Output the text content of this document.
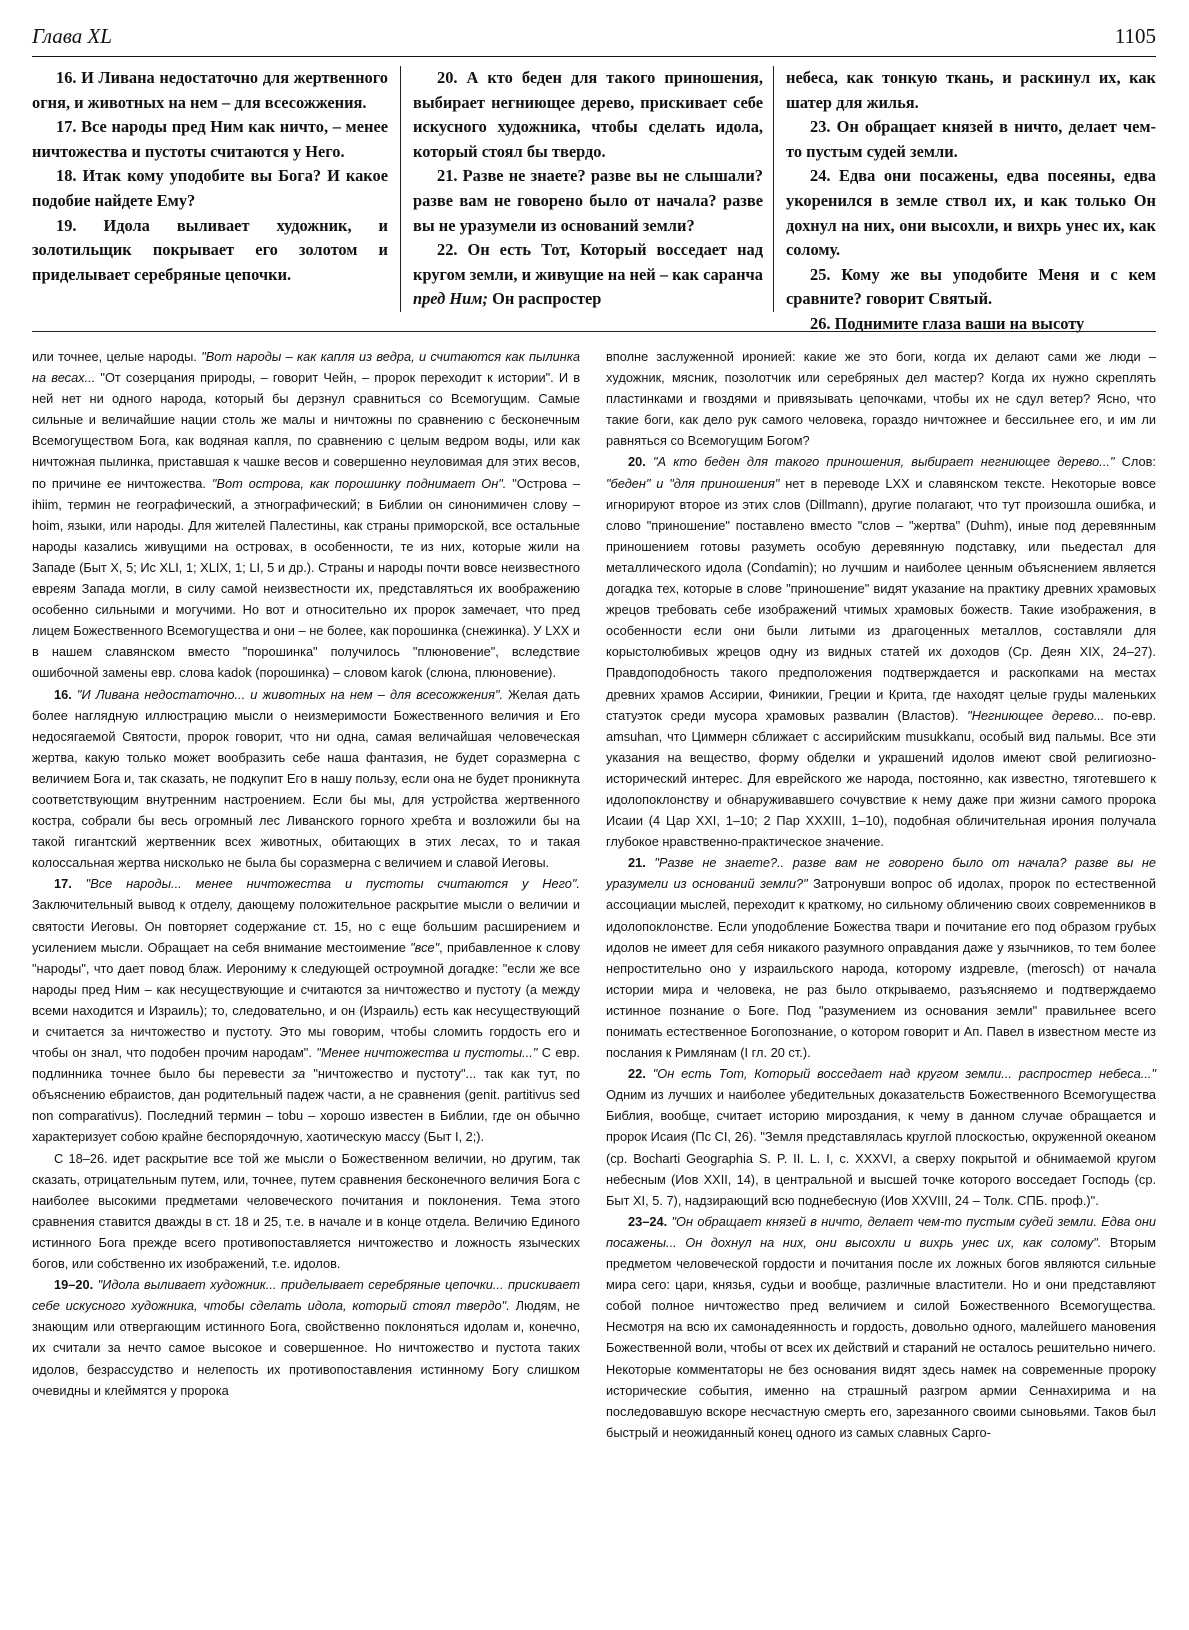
Глава XL	1105

16. И Ливана недостаточно для жертвенного огня, и животных на нем – для всесожжения.

17. Все народы пред Ним как ничто, – менее ничтожества и пустоты считаются у Него.

18. Итак кому уподобите вы Бога? И какое подобие найдете Ему?

19. Идола выливает художник, и золотильщик покрывает его золотом и приделывает серебряные цепочки.

20. А кто беден для такого приношения, выбирает негниющее дерево, прискивает себе искусного художника, чтобы сделать идола, который стоял бы твердо.

21. Разве не знаете? разве вы не слышали? разве вам не говорено было от начала? разве вы не уразумели из оснований земли?

22. Он есть Тот, Который восседает над кругом земли, и живущие на ней – как саранча пред Ним; Он распростер

небеса, как тонкую ткань, и раскинул их, как шатер для жилья.

23. Он обращает князей в ничто, делает чем-то пустым судей земли.

24. Едва они посажены, едва посеяны, едва укоренился в земле ствол их, и как только Он дохнул на них, они высохли, и вихрь унес их, как солому.

25. Кому же вы уподобите Меня и с кем сравните? говорит Святый.

26. Поднимите глаза ваши на высоту

или точнее, целые народы. "Вот народы – как капля из ведра, и считаются как пылинка на весах... "От созерцания природы, – говорит Чейн, – пророк переходит к истории". И в ней нет ни одного народа, который бы дерзнул сравниться со Всемогущим. Самые сильные и величайшие нации столь же малы и ничтожны по сравнению с бесконечным Всемогуществом Бога, как водяная капля, по сравнению с целым ведром воды, или как ничтожная пылинка, приставшая к чашке весов и совершенно неуловимая для этих весов, по причине ее ничтожества. "Вот острова, как порошинку поднимает Он". "Острова – ihiim, термин не географический, а этнографический; в Библии он синонимичен слову – hoim, языки, или народы. Для жителей Палестины, как страны приморской, все остальные народы казались живущими на островах, в особенности, те из них, которые жили на Западе (Быт X, 5; Ис XLI, 1; XLIX, 1; LI, 5 и др.). Страны и народы почти вовсе неизвестного евреям Запада могли, в силу самой неизвестности их, представляться их воображению особенно сильными и могучими. Но вот и относительно их пророк замечает, что пред лицем Божественного Всемогущества и они – не более, как порошинка (снежинка). У LXX и в нашем славянском вместо "порошинка" получилось "плюновение", вследствие ошибочной замены евр. слова kadok (порошинка) – словом karok (слюна, плюновение).

16. "И Ливана недостаточно... и животных на нем – для всесожжения". Желая дать более наглядную иллюстрацию мысли о неизмеримости Божественного величия и Его недосягаемой Святости, пророк говорит, что ни одна, самая величайшая человеческая жертва, какую только может вообразить себе наша фантазия, не будет соразмерна с величием Бога и, так сказать, не подкупит Его в нашу пользу, если она не будет проникнута соответствующим внутренним настроением. Если бы мы, для устройства жертвенного костра, собрали бы весь огромный лес Ливанского горного хребта и возложили бы на такой гигантский жертвенник всех животных, обитающих в этих лесах, то и такая колоссальная жертва нисколько не была бы соразмерна с величием и славой Иеговы.

17. "Все народы... менее ничтожества и пустоты считаются у Него". Заключительный вывод к отделу, дающему положительное раскрытие мысли о величии и святости Иеговы. Он повторяет содержание ст. 15, но с еще большим расширением и усилением мысли. Обращает на себя внимание местоимение "все", прибавленное к слову "народы", что дает повод блаж. Иерониму к следующей остроумной догадке: "если же все народы пред Ним – как несуществующие и считаются за ничтожество и пустоту (а между всеми находится и Израиль); то, следовательно, и он (Израиль) есть как несуществующий и считается за ничтожество и пустоту. Это мы говорим, чтобы сломить гордость его и чтобы он знал, что подобен прочим народам". "Менее ничтожества и пустоты..." С евр. подлинника точнее было бы перевести за "ничтожество и пустоту"... так как тут, по объяснению ебраистов, дан родительный падеж части, а не сравнения (genit. partitivus sed non comparativus). Последний термин – tobu – хорошо известен в Библии, где он обычно характеризует собою крайне беспорядочную, хаотическую массу (Быт I, 2;).

С 18–26. идет раскрытие все той же мысли о Божественном величии, но другим, так сказать, отрицательным путем, или, точнее, путем сравнения бесконечного величия Бога с наиболее высокими предметами человеческого почитания и поклонения. Тема этого сравнения ставится дважды в ст. 18 и 25, т.е. в начале и в конце отдела. Величию Единого истинного Бога прежде всего противопоставляется ничтожество и ложность языческих богов, или собственно их изображений, т.е. идолов.

19–20. "Идола выливает художник... приделывает серебряные цепочки... прискивает себе искусного художника, чтобы сделать идола, который стоял твердо". Людям, не знающим или отвергающим истинного Бога, свойственно поклоняться идолам и, конечно, их считали за нечто самое высокое и совершенное. Но ничтожество и пустота таких идолов, безрассудство и нелепость их противопоставления истинному Богу слишком очевидны и клеймятся у пророка

вполне заслуженной иронией: какие же это боги, когда их делают сами же люди – художник, мясник, позолотчик или серебряных дел мастер? Когда их нужно скреплять пластинками и гвоздями и привязывать цепочками, чтобы их не сдул ветер? Ясно, что такие боги, как дело рук самого человека, гораздо ничтожнее и бессильнее его, и им ли равняться со Всемогущим Богом?

20. "А кто беден для такого приношения, выбирает негниющее дерево..." Слов: "беден" и "для приношения" нет в переводе LXX и славянском тексте. Некоторые вовсе игнорируют второе из этих слов (Dillmann), другие полагают, что тут произошла ошибка, и слово "приношение" поставлено вместо "слов – "жертва" (Duhm), иные под деревянным приношением готовы разуметь особую деревянную подставку, или пьедестал для металлического идола (Condamin); но лучшим и наиболее ценным объяснением является догадка тех, которые в слове "приношение" видят указание на практику древних храмовых жрецов требовать себе изображений чтимых храмовых божеств. Такие изображения, в особенности если они были литыми из драгоценных металлов, составляли для корыстолюбивых жрецов одну из видных статей их доходов (Ср. Деян XIX, 24–27). Правдоподобность такого предположения подтверждается и раскопками на местах древних храмов Ассирии, Финикии, Греции и Крита, где находят целые груды маленьких статуэток среди мусора храмовых развалин (Властов). "Негниющее дерево... по-евр. amsuhan, что Циммерн сближает с ассирийским musukkanu, особый вид пальмы. Все эти указания на вещество, форму обделки и украшений идолов имеют свой религиозно-исторический интерес. Для еврейского же народа, постоянно, как известно, тяготевшего к идолопоклонству и обнаруживавшего сочувствие к нему даже при жизни самого пророка Исаии (4 Цар XXI, 1–10; 2 Пар XXXIII, 1–10), подобная обличительная ирония получала глубокое нравственно-практическое значение.

21. "Разве не знаете?.. разве вам не говорено было от начала? разве вы не уразумели из оснований земли?" Затронувши вопрос об идолах, пророк по естественной ассоциации мыслей, переходит к краткому, но сильному обличению своих современников в идолопоклонстве. Если уподобление Божества твари и почитание его под образом грубых идолов не имеет для себя никакого разумного оправдания даже у язычников, то тем более непростительно оно у израильского народа, которому издревле, (merosch) от начала истории мира и человека, не раз было открываемо, разъясняемо и подтверждаемо истинное познание о Боге. Под "разумением из основания земли" правильнее всего понимать естественное Богопознание, о котором говорит и Ап. Павел в известном месте из послания к Римлянам (I гл. 20 ст.).

22. "Он есть Тот, Который восседает над кругом земли... распростер небеса..." Одним из лучших и наиболее убедительных доказательств Божественного Всемогущества Библия, вообще, считает историю мироздания, к чему в данном случае обращается и пророк Исаия (Пс CI, 26). "Земля представлялась круглой плоскостью, окруженной океаном (ср. Bocharti Geographia S. P. II. L. I, c. XXXVI, а сверху покрытой и обнимаемой кругом небесным (Иов XXII, 14), в центральной и высшей точке которого восседает Господь (ср. Быт XI, 5. 7), надзирающий всю поднебесную (Иов XXVIII, 24 – Толк. СПБ. проф.)".

23–24. "Он обращает князей в ничто, делает чем-то пустым судей земли. Едва они посажены... Он дохнул на них, они высохли и вихрь унес их, как солому". Вторым предметом человеческой гордости и почитания после их ложных богов являются сильные мира сего: цари, князья, судьи и вообще, различные властители. Но и они представляют собой полное ничтожество пред величием и силой Божественного Всемогущества. Несмотря на всю их самонадеянность и гордость, довольно одного, малейшего мановения Божественной воли, чтобы от всех их действий и стараний не осталось решительно ничего. Некоторые комментаторы не без основания видят здесь намек на современные пророку исторические события, именно на страшный разгром армии Сеннахирима и на последовавшую вскоре несчастную смерть его, зарезанного своими сыновьями. Таков был быстрый и неожиданный конец одного из самых славных Сарго-
